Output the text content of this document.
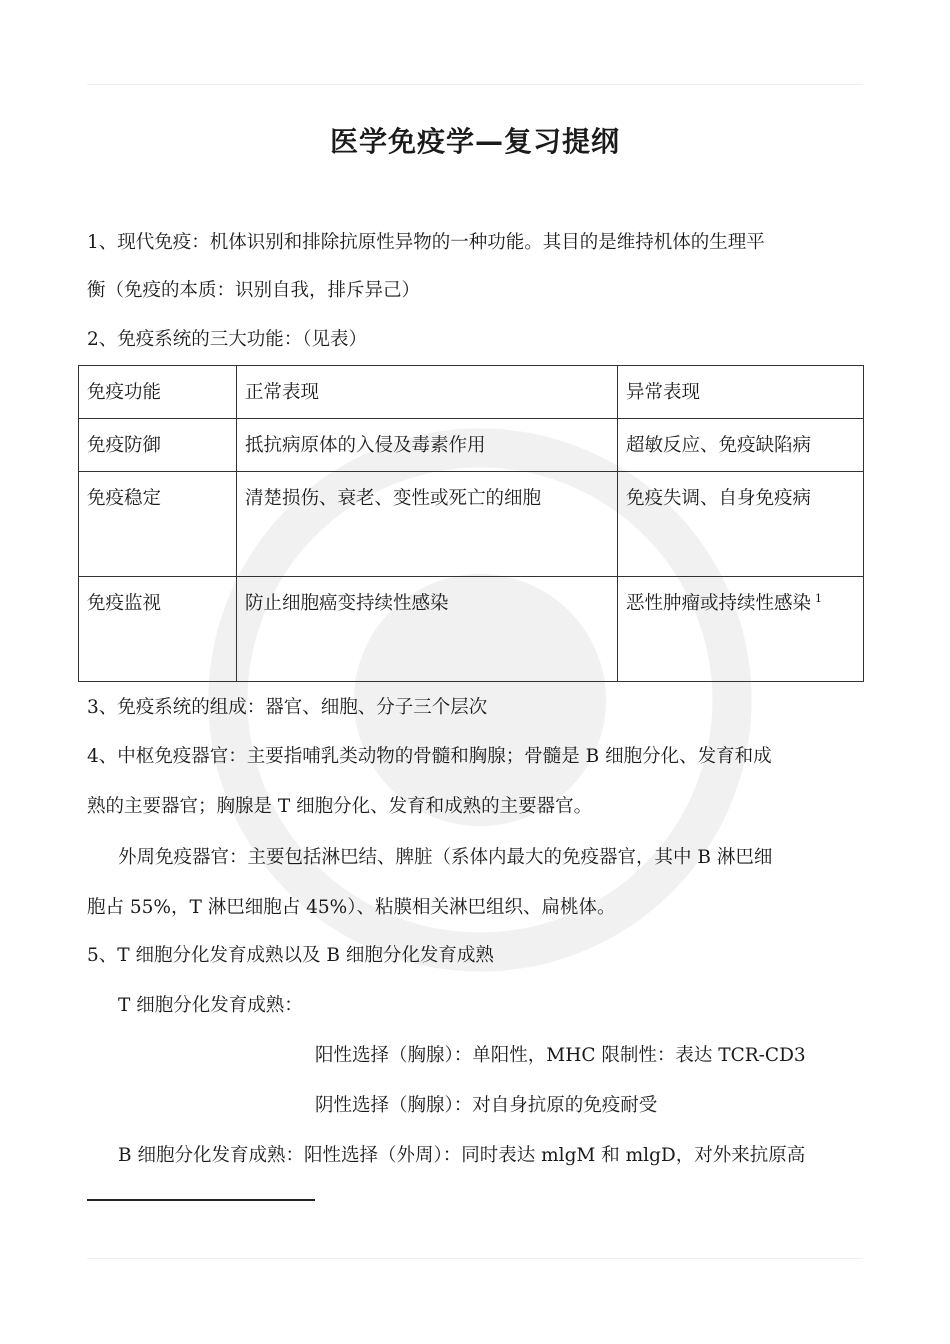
医学免疫学—复习提纲
1、现代免疫：机体识别和排除抗原性异物的一种功能。其目的是维持机体的生理平
衡（免疫的本质：识别自我，排斥异己）
2、免疫系统的三大功能：（见表）
免疫功能	正常表现	异常表现
免疫防御	抵抗病原体的入侵及毒素作用	超敏反应、免疫缺陷病
免疫稳定	清楚损伤、衰老、变性或死亡的细胞	免疫失调、自身免疫病
免疫监视	防止细胞癌变持续性感染	恶性肿瘤或持续性感染 $^1$
3、免疫系统的组成：器官、细胞、分子三个层次
4、中枢免疫器官：主要指哺乳类动物的骨髓和胸腺；骨髓是 B 细胞分化、发育和成
熟的主要器官；胸腺是 T 细胞分化、发育和成熟的主要器官。
外周免疫器官：主要包括淋巴结、脾脏（系体内最大的免疫器官，其中 B 淋巴细
胞占 55%，T 淋巴细胞占 45%）、粘膜相关淋巴组织、扁桃体。
5、T 细胞分化发育成熟以及 B 细胞分化发育成熟
T 细胞分化发育成熟：
阳性选择（胸腺）：单阳性，MHC 限制性：表达 TCR-CD3
阴性选择（胸腺）：对自身抗原的免疫耐受
B 细胞分化发育成熟：阳性选择（外周）：同时表达 mlgM 和 mlgD，对外来抗原高
